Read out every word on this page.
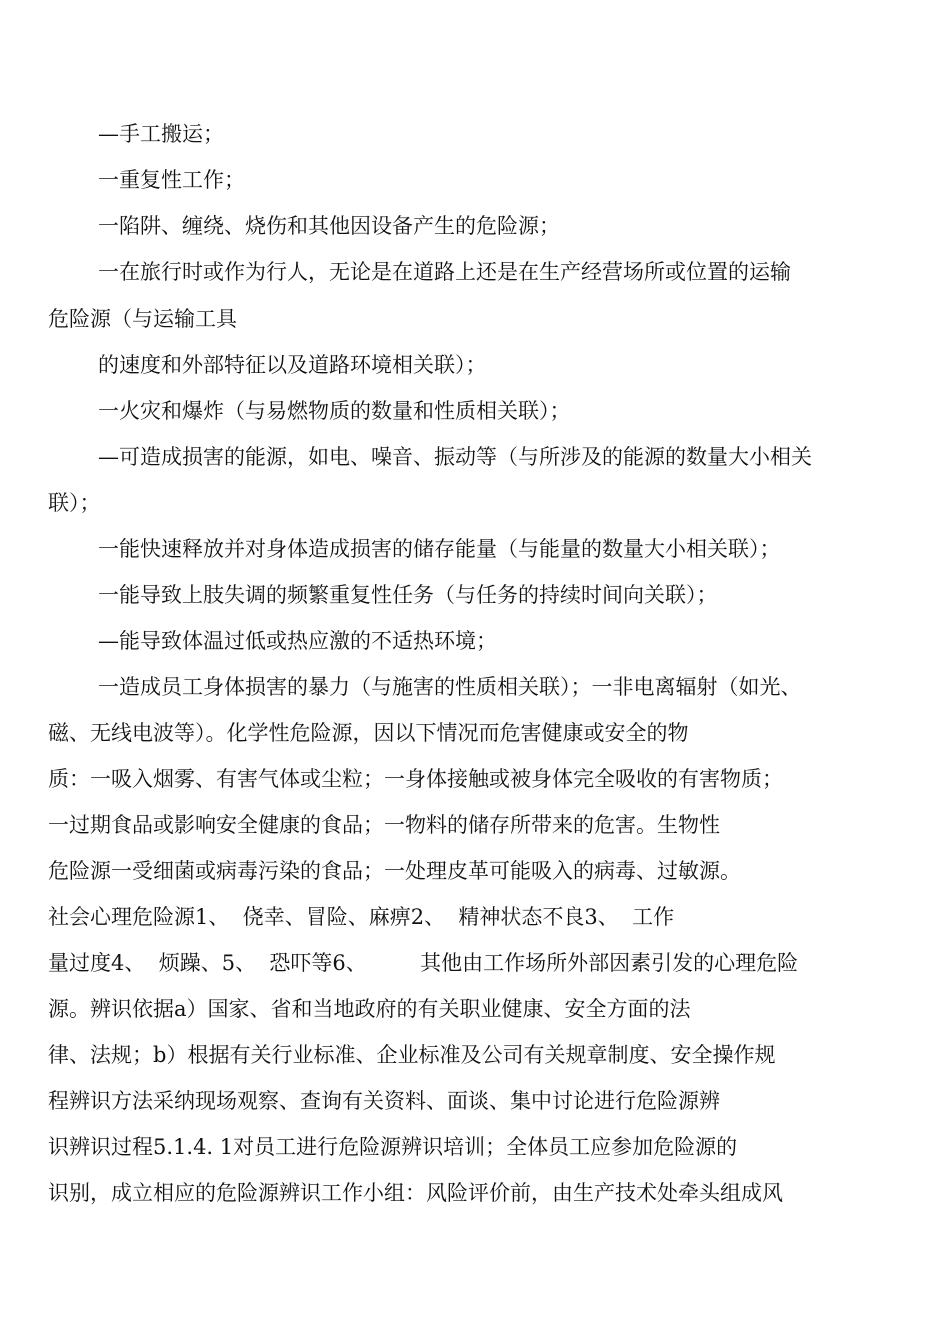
—手工搬运；
一重复性工作；
一陷阱、缠绕、烧伤和其他因设备产生的危险源；
一在旅行时或作为行人，无论是在道路上还是在生产经营场所或位置的运输
危险源（与运输工具
的速度和外部特征以及道路环境相关联）；
一火灾和爆炸（与易燃物质的数量和性质相关联）；
—可造成损害的能源，如电、噪音、振动等（与所涉及的能源的数量大小相关
联）；
一能快速释放并对身体造成损害的储存能量（与能量的数量大小相关联）；
一能导致上肢失调的频繁重复性任务（与任务的持续时间向关联）；
—能导致体温过低或热应激的不适热环境；
一造成员工身体损害的暴力（与施害的性质相关联）；一非电离辐射（如光、
磁、无线电波等）。化学性危险源，因以下情况而危害健康或安全的物
质：一吸入烟雾、有害气体或尘粒；一身体接触或被身体完全吸收的有害物质；
一过期食品或影响安全健康的食品；一物料的储存所带来的危害。生物性
危险源一受细菌或病毒污染的食品；一处理皮革可能吸入的病毒、过敏源。
社会心理危险源1、  侥幸、冒险、麻痹2、  精神状态不良3、  工作
量过度4、  烦躁、5、  恐吓等6、        其他由工作场所外部因素引发的心理危险
源。辨识依据a）国家、省和当地政府的有关职业健康、安全方面的法
律、法规；b）根据有关行业标准、企业标准及公司有关规章制度、安全操作规
程辨识方法采纳现场观察、查询有关资料、面谈、集中讨论进行危险源辨
识辨识过程5.1.4. 1对员工进行危险源辨识培训；全体员工应参加危险源的
识别，成立相应的危险源辨识工作小组：风险评价前，由生产技术处牵头组成风
